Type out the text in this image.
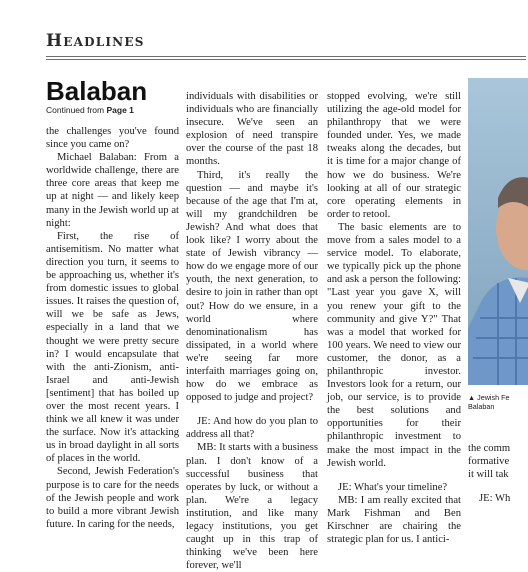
Headlines
Balaban
Continued from Page 1

the challenges you've found since you came on?

Michael Balaban: From a worldwide challenge, there are three core areas that keep me up at night — and likely keep many in the Jewish world up at night:

First, the rise of antisemitism. No matter what direction you turn, it seems to be approaching us, whether it's from domestic issues to global issues. It raises the question of, will we be safe as Jews, especially in a land that we thought we were pretty secure in? I would encapsulate that with the anti-Zionism, anti-Israel and anti-Jewish [sentiment] that has boiled up over the most recent years. I think we all knew it was under the surface. Now it's attacking us in broad daylight in all sorts of places in the world.

Second, Jewish Federation's purpose is to care for the needs of the Jewish people and work to build a more vibrant Jewish future. In caring for the needs,

individuals with disabilities or individuals who are financially insecure. We've seen an explosion of need transpire over the course of the past 18 months.

Third, it's really the question — and maybe it's because of the age that I'm at, will my grandchildren be Jewish? And what does that look like? I worry about the state of Jewish vibrancy — how do we engage more of our youth, the next generation, to desire to join in rather than opt out? How do we ensure, in a world where denominationalism has dissipated, in a world where we're seeing far more interfaith marriages going on, how do we embrace as opposed to judge and project?

JE: And how do you plan to address all that?

MB: It starts with a business plan. I don't know of a successful business that operates by luck, or without a plan. We're a legacy institution, and like many legacy institutions, you get caught up in this trap of thinking we've been here forever, we'll

stopped evolving, we're still utilizing the age-old model for philanthropy that we were founded under. Yes, we made tweaks along the decades, but it is time for a major change of how we do business. We're looking at all of our strategic core operating elements in order to retool.

The basic elements are to move from a sales model to a service model. To elaborate, we typically pick up the phone and ask a person the following: "Last year you gave X, will you renew your gift to the community and give Y?" That was a model that worked for 100 years. We need to view our customer, the donor, as a philanthropic investor. Investors look for a return, our job, our service, is to provide the best solutions and opportunities for their philanthropic investment to make the most impact in the Jewish world.

JE: What's your timeline?

MB: I am really excited that Mark Fishman and Ben Kirschner are chairing the strategic plan for us. I antici-

▲ Jewish Fe
Balaban

the comm

formative

it will tak

JE: Wh
